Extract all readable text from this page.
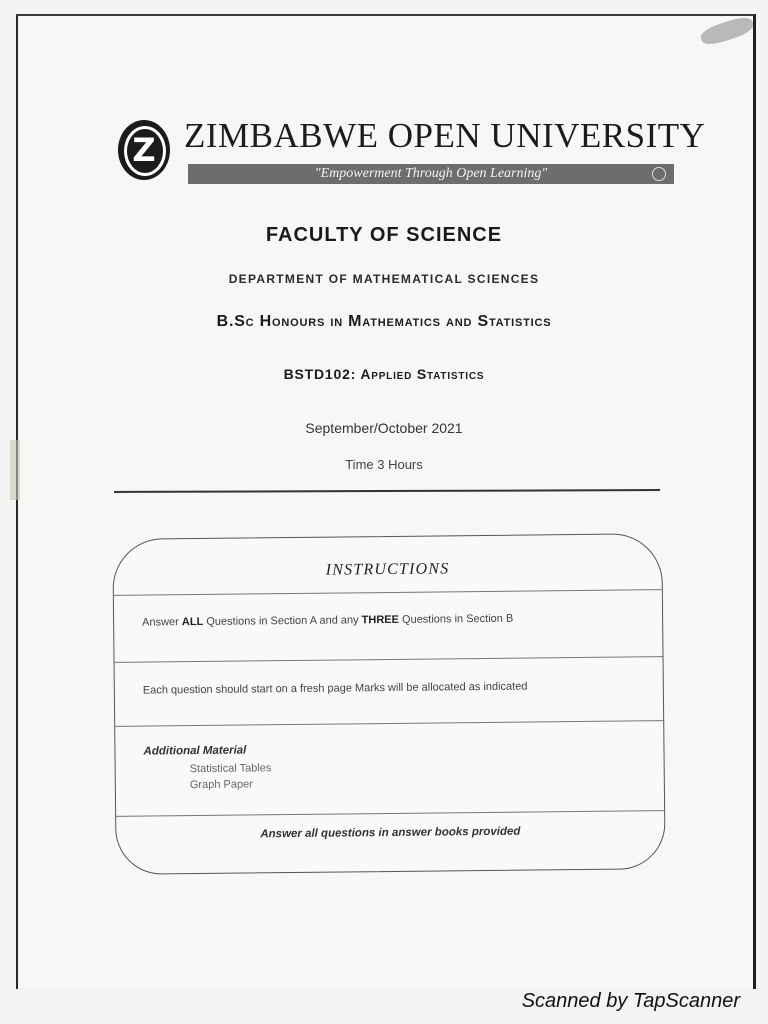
Z ZIMBABWE OPEN UNIVERSITY
"Empowerment Through Open Learning"
FACULTY OF SCIENCE
DEPARTMENT OF MATHEMATICAL SCIENCES
B.Sc Honours in Mathematics and Statistics
BSTD102: Applied Statistics
September/October 2021
Time 3 Hours
INSTRUCTIONS
Answer ALL Questions in Section A and any THREE Questions in Section B
Each question should start on a fresh page Marks will be allocated as indicated
Additional Material
Statistical Tables
Graph Paper
Answer all questions in answer books provided
Scanned by TapScanner
